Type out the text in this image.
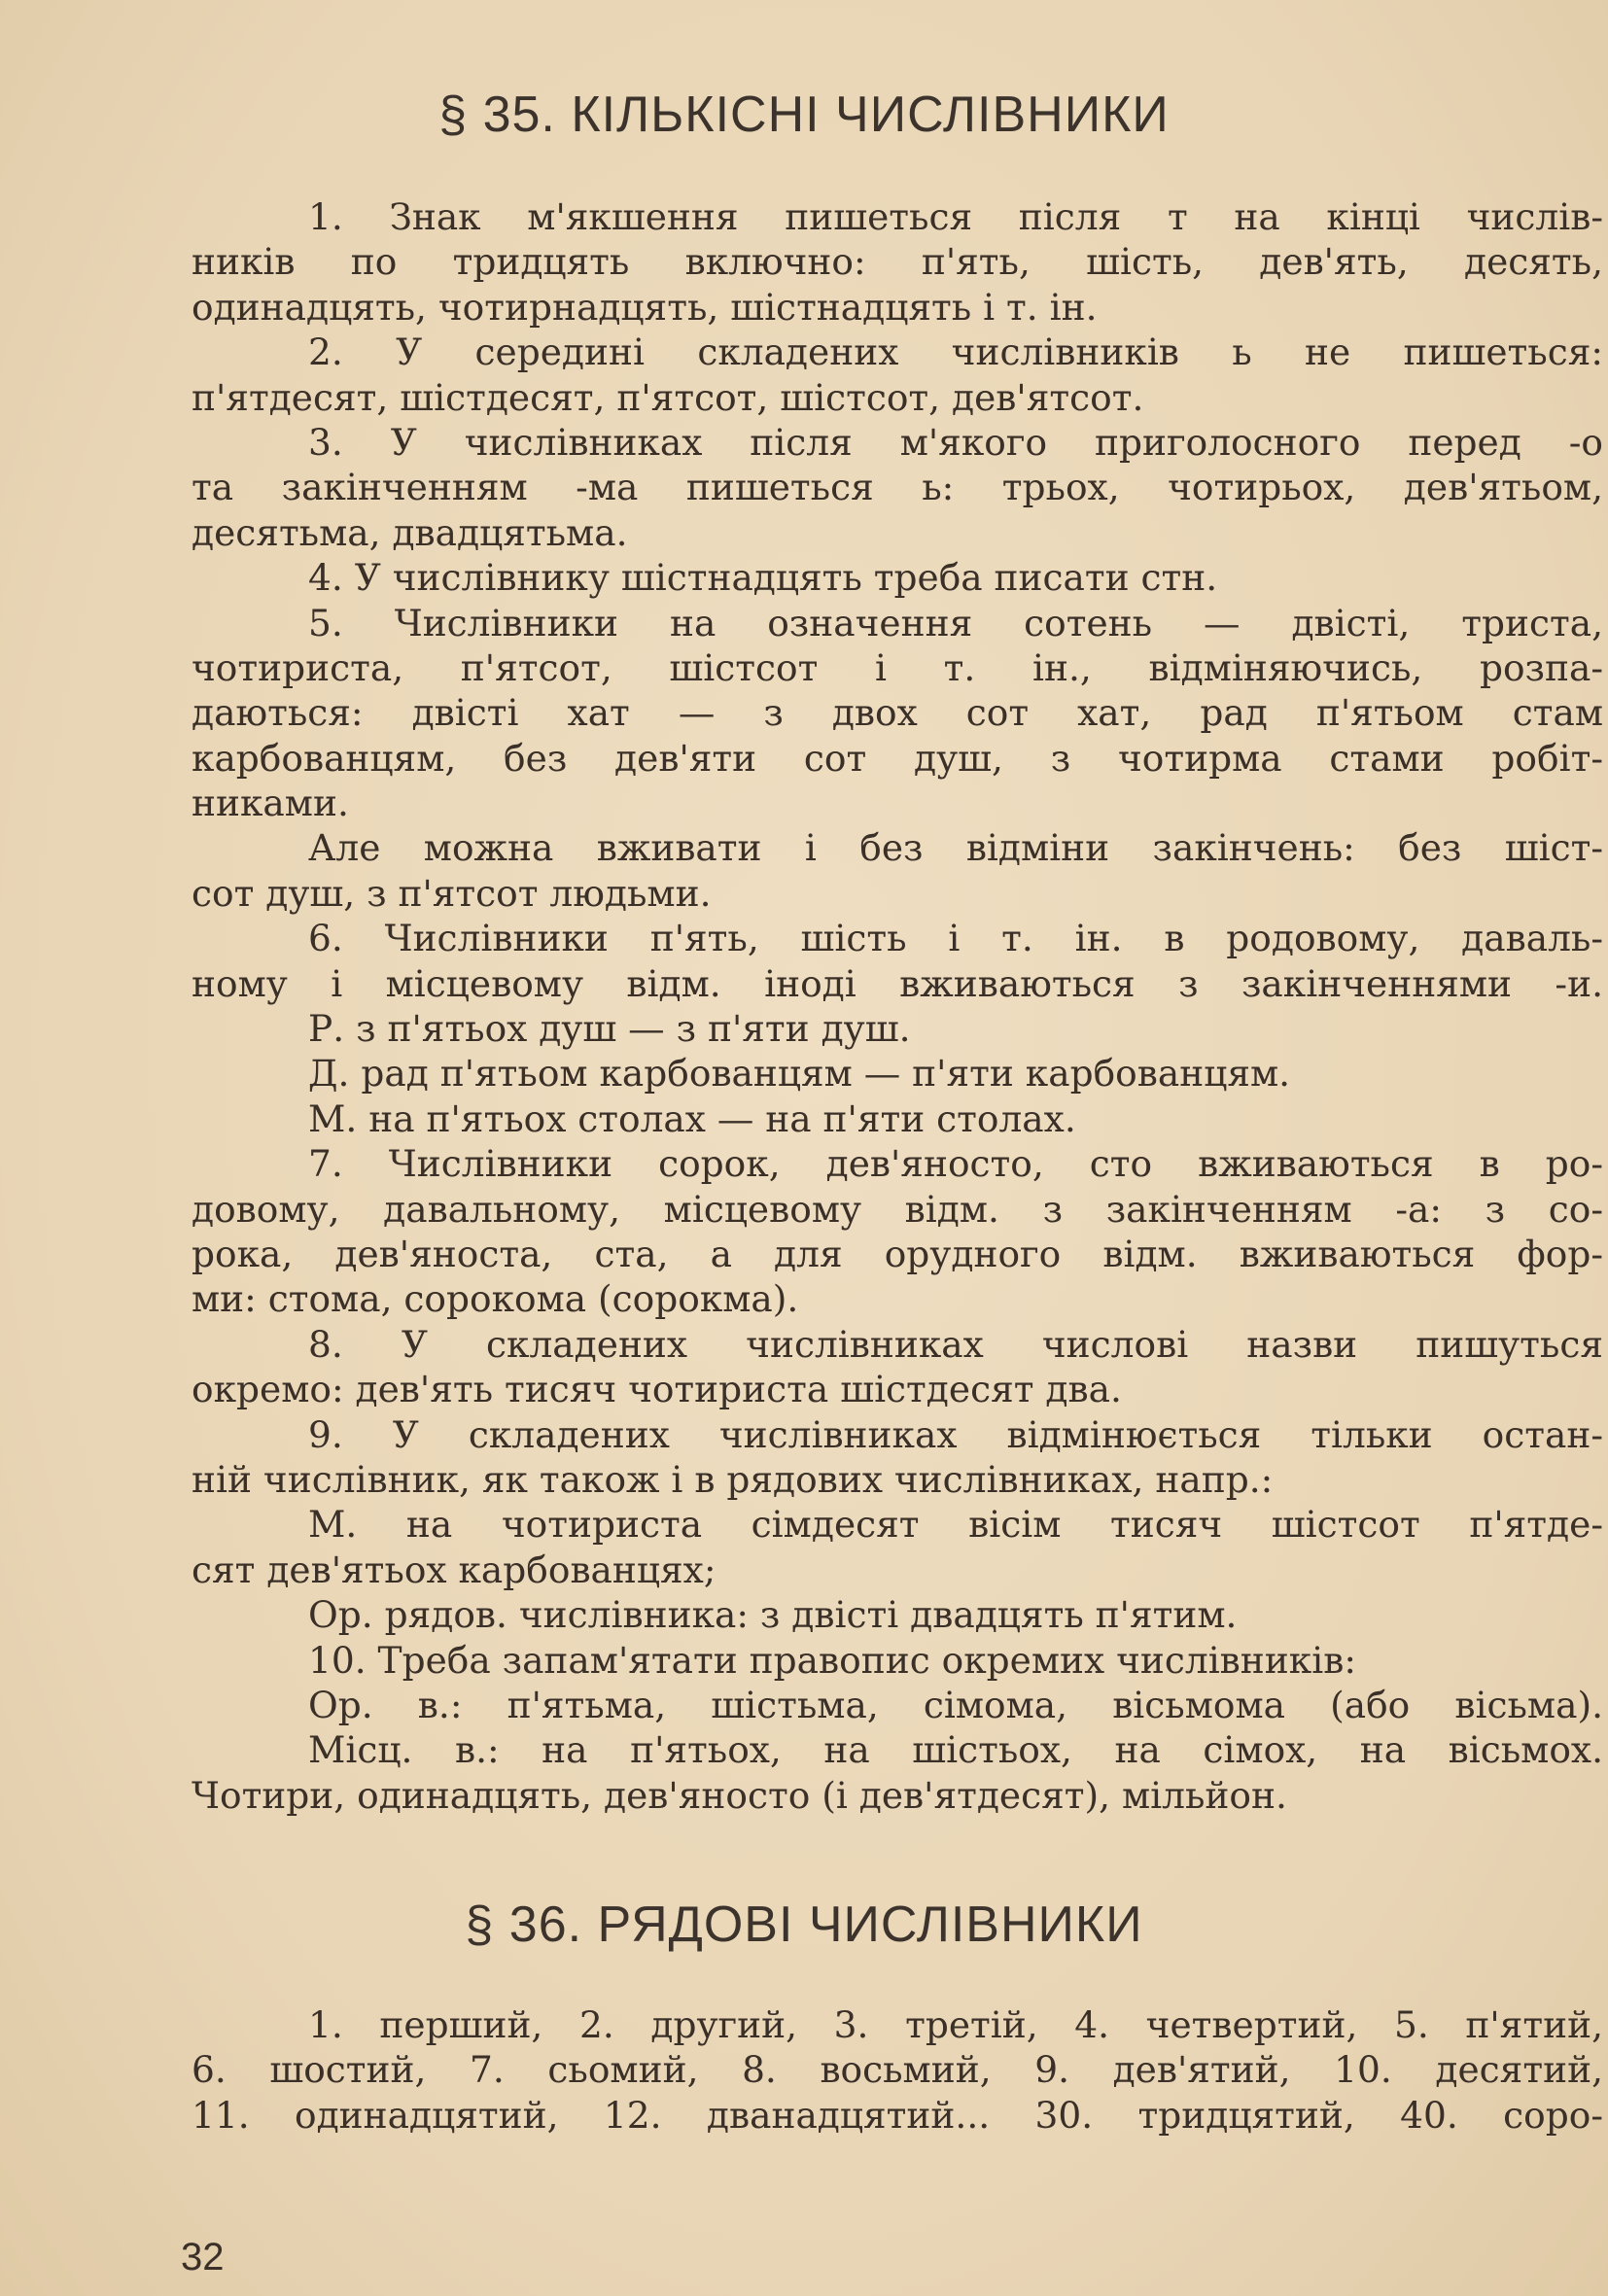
§ 35. КІЛЬКІСНІ ЧИСЛІВНИКИ
1. Знак м'якшення пишеться після т на кінці числів-
ників по тридцять включно: п'ять, шість, дев'ять, десять,
одинадцять, чотирнадцять, шістнадцять і т. ін.
2. У середині складених числівників ь не пишеться:
п'ятдесят, шістдесят, п'ятсот, шістсот, дев'ятсот.
3. У числівниках після м'якого приголосного перед -о
та закінченням -ма пишеться ь: трьох, чотирьох, дев'ятьом,
десятьма, двадцятьма.
4. У числівнику шістнадцять треба писати стн.
5. Числівники на означення сотень — двісті, триста,
чотириста, п'ятсот, шістсот і т. ін., відміняючись, розпа-
даються: двісті хат — з двох сот хат, рад п'ятьом стам
карбованцям, без дев'яти сот душ, з чотирма стами робіт-
никами.
Але можна вживати і без відміни закінчень: без шіст-
сот душ, з п'ятсот людьми.
6. Числівники п'ять, шість і т. ін. в родовому, даваль-
ному і місцевому відм. іноді вживаються з закінченнями -и.
Р. з п'ятьох душ — з п'яти душ.
Д. рад п'ятьом карбованцям — п'яти карбованцям.
М. на п'ятьох столах — на п'яти столах.
7. Числівники сорок, дев'яносто, сто вживаються в ро-
довому, давальному, місцевому відм. з закінченням -а: з со-
рока, дев'яноста, ста, а для орудного відм. вживаються фор-
ми: стома, сорокома (сорокма).
8. У складених числівниках числові назви пишуться
окремо: дев'ять тисяч чотириста шістдесят два.
9. У складених числівниках відмінюється тільки остан-
ній числівник, як також і в рядових числівниках, напр.:
М. на чотириста сімдесят вісім тисяч шістсот п'ятде-
сят дев'ятьох карбованцях;
Ор. рядов. числівника: з двісті двадцять п'ятим.
10. Треба запам'ятати правопис окремих числівників:
Ор. в.: п'ятьма, шістьма, сімома, вісьмома (або вісьма).
Місц. в.: на п'ятьох, на шістьох, на сімох, на вісьмох.
Чотири, одинадцять, дев'яносто (і дев'ятдесят), мільйон.
§ 36. РЯДОВІ ЧИСЛІВНИКИ
1. перший, 2. другий, 3. третій, 4. четвертий, 5. п'ятий,
6. шостий, 7. сьомий, 8. восьмий, 9. дев'ятий, 10. десятий,
11. одинадцятий, 12. дванадцятий... 30. тридцятий, 40. соро-
32
